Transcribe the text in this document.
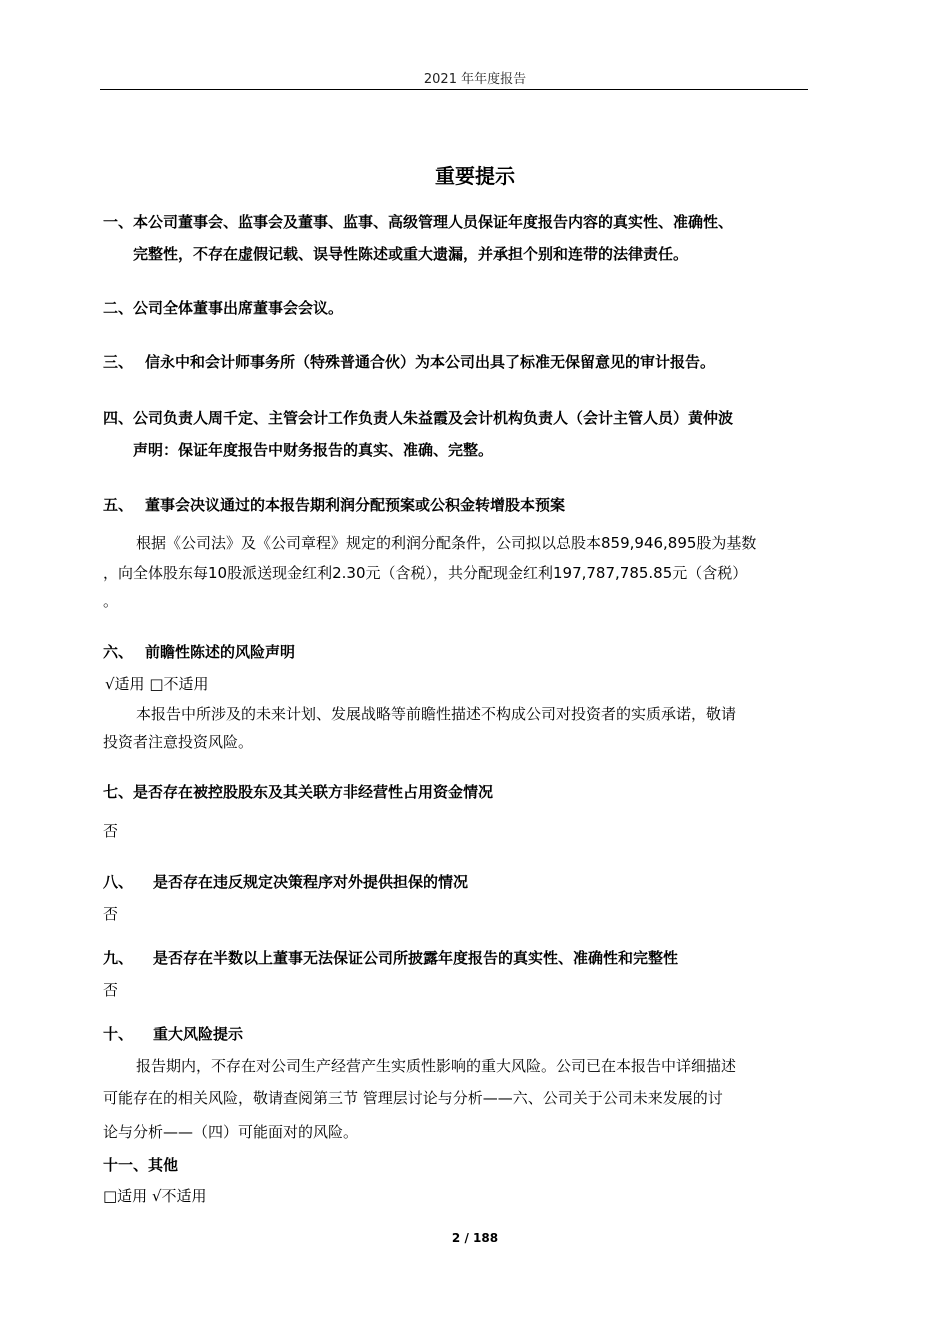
2021 年年度报告
重要提示
一、本公司董事会、监事会及董事、监事、高级管理人员保证年度报告内容的真实性、准确性、
完整性，不存在虚假记载、误导性陈述或重大遗漏，并承担个别和连带的法律责任。
二、公司全体董事出席董事会会议。
三、 信永中和会计师事务所（特殊普通合伙）为本公司出具了标准无保留意见的审计报告。
四、公司负责人周千定、主管会计工作负责人朱益霞及会计机构负责人（会计主管人员）黄仲波
声明：保证年度报告中财务报告的真实、准确、完整。
五、 董事会决议通过的本报告期利润分配预案或公积金转增股本预案
根据《公司法》及《公司章程》规定的利润分配条件，公司拟以总股本859,946,895股为基数
，向全体股东每10股派送现金红利2.30元（含税），共分配现金红利197,787,785.85元（含税）
。
六、 前瞻性陈述的风险声明
√适用 □不适用
本报告中所涉及的未来计划、发展战略等前瞻性描述不构成公司对投资者的实质承诺，敬请
投资者注意投资风险。
七、是否存在被控股股东及其关联方非经营性占用资金情况
否
八、 是否存在违反规定决策程序对外提供担保的情况
否
九、 是否存在半数以上董事无法保证公司所披露年度报告的真实性、准确性和完整性
否
十、 重大风险提示
报告期内，不存在对公司生产经营产生实质性影响的重大风险。公司已在本报告中详细描述
可能存在的相关风险，敬请查阅第三节 管理层讨论与分析——六、公司关于公司未来发展的讨
论与分析——（四）可能面对的风险。
十一、其他
□适用 √不适用
2 / 188
